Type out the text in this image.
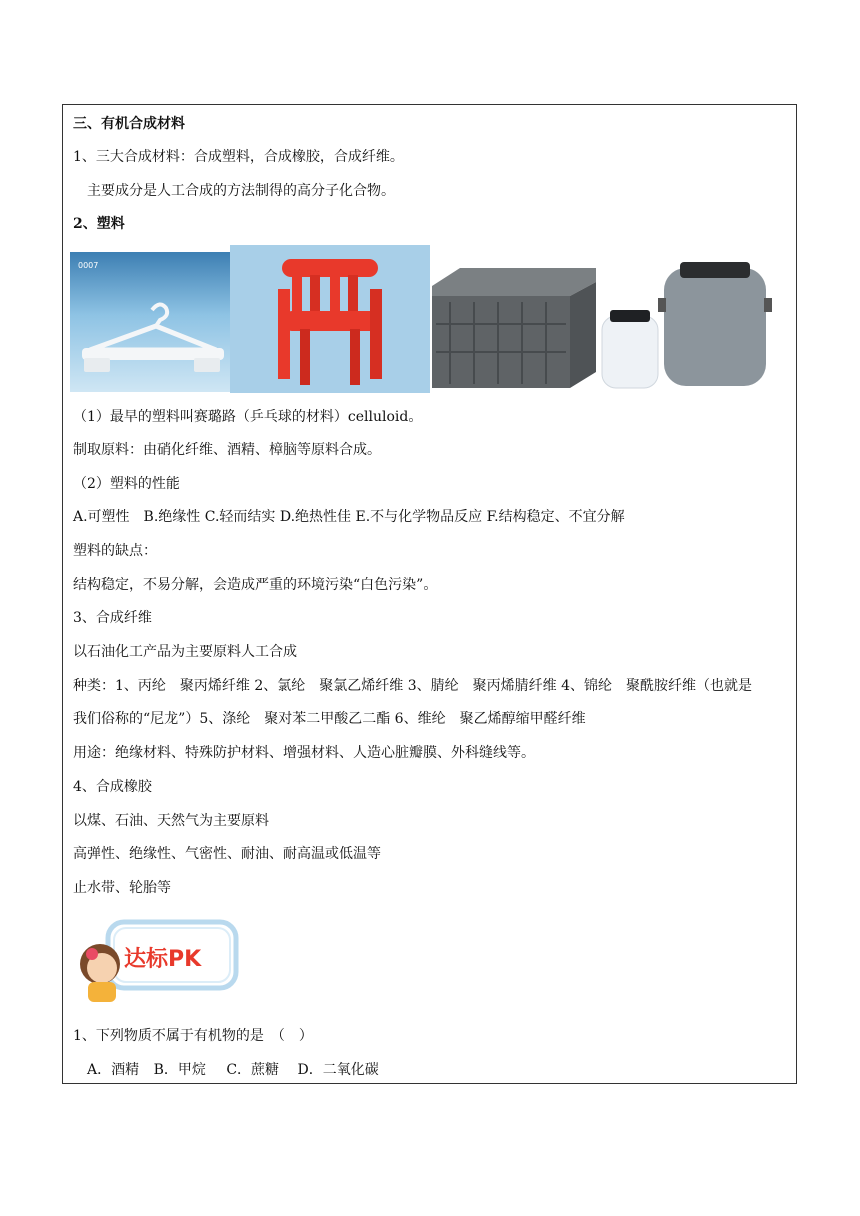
三、有机合成材料
1、三大合成材料：合成塑料，合成橡胶，合成纤维。
主要成分是人工合成的方法制得的高分子化合物。
2、塑料
0007
（1）最早的塑料叫赛璐路（乒乓球的材料）celluloid。
制取原料：由硝化纤维、酒精、樟脑等原料合成。
（2）塑料的性能
A.可塑性　B.绝缘性 C.轻而结实 D.绝热性佳 E.不与化学物品反应 F.结构稳定、不宜分解
塑料的缺点：
结构稳定，不易分解，会造成严重的环境污染“白色污染”。
3、合成纤维
以石油化工产品为主要原料人工合成
种类：1、丙纶　聚丙烯纤维 2、氯纶　聚氯乙烯纤维 3、腈纶　聚丙烯腈纤维 4、锦纶　聚酰胺纤维（也就是
我们俗称的“尼龙”）5、涤纶　聚对苯二甲酸乙二酯 6、维纶　聚乙烯醇缩甲醛纤维
用途：绝缘材料、特殊防护材料、增强材料、人造心脏瓣膜、外科缝线等。
4、合成橡胶
以煤、石油、天然气为主要原料
高弹性、绝缘性、气密性、耐油、耐高温或低温等
止水带、轮胎等
达标PK
1、下列物质不属于有机物的是　（　）
A．酒精 B．甲烷 C．蔗糖 D．二氧化碳
